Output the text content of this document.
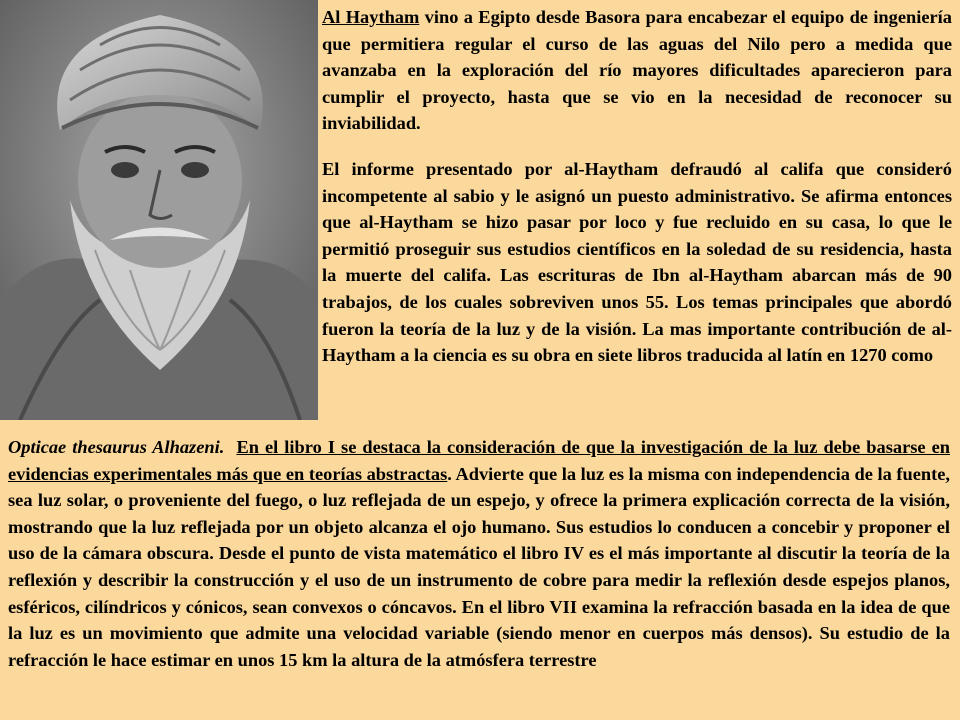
Al Haytham vino a Egipto desde Basora para encabezar el equipo de ingeniería que permitiera regular el curso de las aguas del Nilo pero a medida que avanzaba en la exploración del río mayores dificultades aparecieron para cumplir el proyecto, hasta que se vio en la necesidad de reconocer su inviabilidad.

El informe presentado por al-Haytham defraudó al califa que consideró incompetente al sabio y le asignó un puesto administrativo. Se afirma entonces que al-Haytham se hizo pasar por loco y fue recluido en su casa, lo que le permitió proseguir sus estudios científicos en la soledad de su residencia, hasta la muerte del califa. Las escrituras de Ibn al-Haytham abarcan más de 90 trabajos, de los cuales sobreviven unos 55. Los temas principales que abordó fueron la teoría de la luz y de la visión. La mas importante contribución de al-Haytham a la ciencia es su obra en siete libros traducida al latín en 1270 como

Opticae thesaurus Alhazeni. En el libro I se destaca la consideración de que la investigación de la luz debe basarse en evidencias experimentales más que en teorías abstractas. Advierte que la luz es la misma con independencia de la fuente, sea luz solar, o proveniente del fuego, o luz reflejada de un espejo, y ofrece la primera explicación correcta de la visión, mostrando que la luz reflejada por un objeto alcanza el ojo humano. Sus estudios lo conducen a concebir y proponer el uso de la cámara obscura. Desde el punto de vista matemático el libro IV es el más importante al discutir la teoría de la reflexión y describir la construcción y el uso de un instrumento de cobre para medir la reflexión desde espejos planos, esféricos, cilíndricos y cónicos, sean convexos o cóncavos. En el libro VII examina la refracción basada en la idea de que la luz es un movimiento que admite una velocidad variable (siendo menor en cuerpos más densos). Su estudio de la refracción le hace estimar en unos 15 km la altura de la atmósfera terrestre
